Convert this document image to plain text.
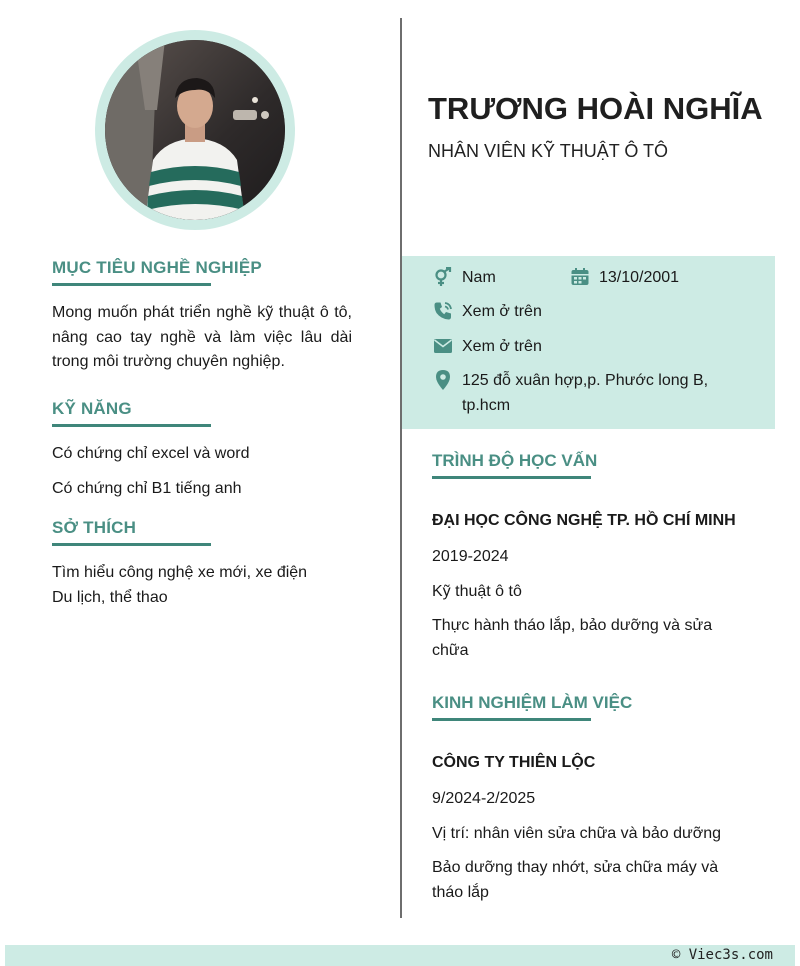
TRƯƠNG HOÀI NGHĨA

NHÂN VIÊN KỸ THUẬT Ô TÔ

Nam	13/10/2001
Xem ở trên
Xem ở trên
125 đỗ xuân hợp,p. Phước long B,
tp.hcm
MỤC TIÊU NGHỀ NGHIỆP

Mong muốn phát triển nghề kỹ thuật ô tô, nâng cao tay nghề và làm việc lâu dài trong môi trường chuyên nghiệp.

KỸ NĂNG

Có chứng chỉ excel và word

Có chứng chỉ B1 tiếng anh

SỞ THÍCH

Tìm hiểu công nghệ xe mới, xe điện

Du lịch, thể thao

TRÌNH ĐỘ HỌC VẤN

ĐẠI HỌC CÔNG NGHỆ TP. HỒ CHÍ MINH

2019-2024

Kỹ thuật ô tô

Thực hành tháo lắp, bảo dưỡng và sửa
chữa

KINH NGHIỆM LÀM VIỆC

CÔNG TY THIÊN LỘC

9/2024-2/2025

Vị trí: nhân viên sửa chữa và bảo dưỡng

Bảo dưỡng thay nhớt, sửa chữa máy và
tháo lắp

© Viec3s.com
